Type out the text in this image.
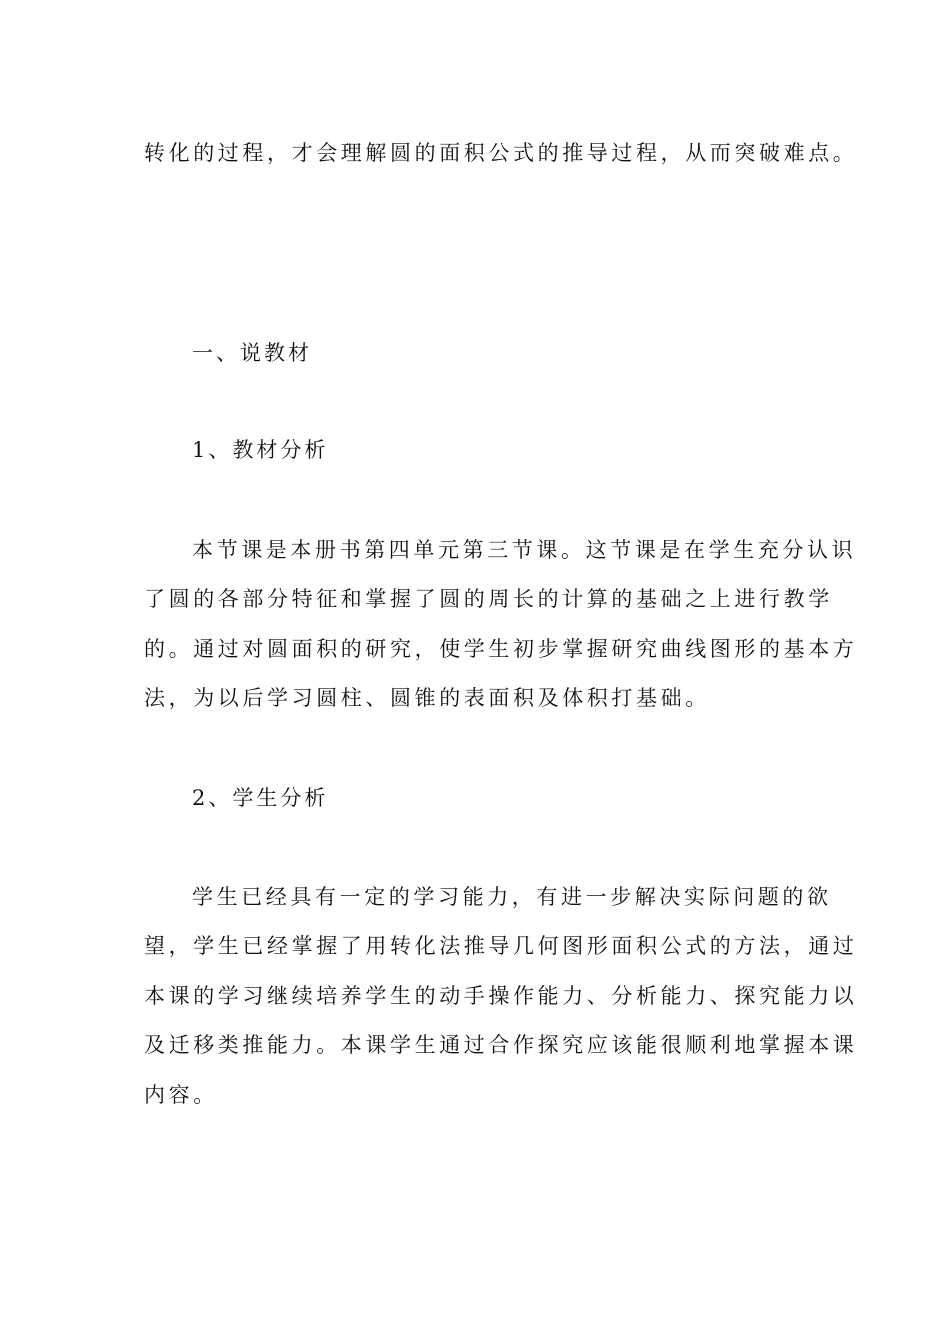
转化的过程，才会理解圆的面积公式的推导过程，从而突破难点。
一、说教材
1、教材分析
本节课是本册书第四单元第三节课。这节课是在学生充分认识
了圆的各部分特征和掌握了圆的周长的计算的基础之上进行教学
的。通过对圆面积的研究，使学生初步掌握研究曲线图形的基本方
法，为以后学习圆柱、圆锥的表面积及体积打基础。
2、学生分析
学生已经具有一定的学习能力，有进一步解决实际问题的欲
望，学生已经掌握了用转化法推导几何图形面积公式的方法，通过
本课的学习继续培养学生的动手操作能力、分析能力、探究能力以
及迁移类推能力。本课学生通过合作探究应该能很顺利地掌握本课
内容。
